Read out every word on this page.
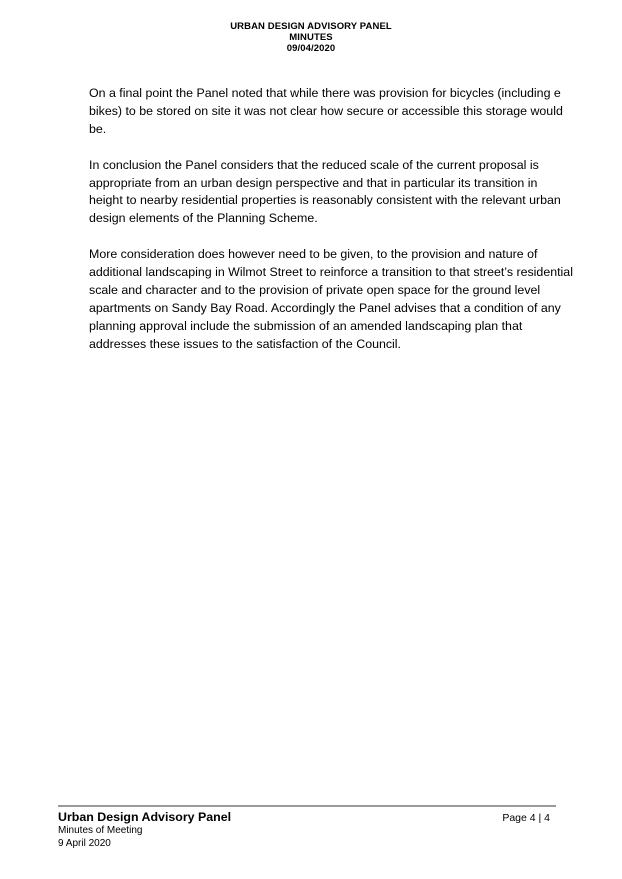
URBAN DESIGN ADVISORY PANEL
MINUTES
09/04/2020

On a final point the Panel noted that while there was provision for bicycles (including e bikes) to be stored on site it was not clear how secure or accessible this storage would be.

In conclusion the Panel considers that the reduced scale of the current proposal is appropriate from an urban design perspective and that in particular its transition in height to nearby residential properties is reasonably consistent with the relevant urban design elements of the Planning Scheme.

More consideration does however need to be given, to the provision and nature of additional landscaping in Wilmot Street to reinforce a transition to that street’s residential scale and character and to the provision of private open space for the ground level apartments on Sandy Bay Road. Accordingly the Panel advises that a condition of any planning approval include the submission of an amended landscaping plan that addresses these issues to the satisfaction of the Council.

Urban Design Advisory Panel
Minutes of Meeting
9 April 2020
Page 4 | 4
